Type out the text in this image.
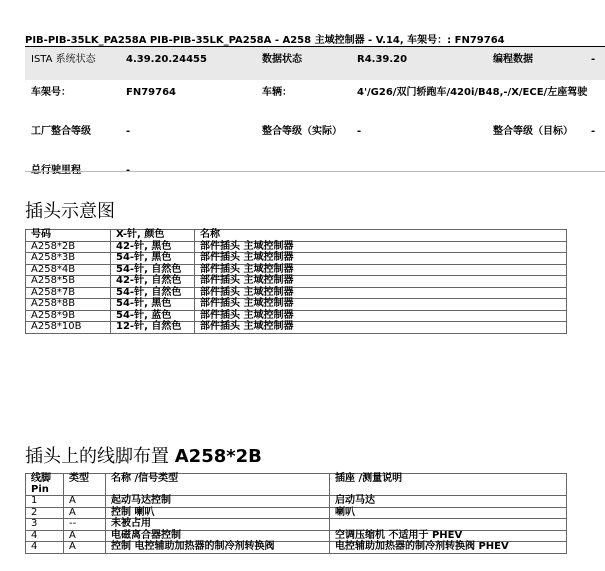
PIB-PIB-35LK_PA258A PIB-PIB-35LK_PA258A - A258 主域控制器 - V.14, 车架号：: FN79764
ISTA 系统状态	4.39.20.24455	数据状态	R4.39.20	编程数据	-
车架号：	FN79764	车辆：	4'/G26/双门轿跑车/420i/B48,-/X/ECE/左座驾驶		
工厂整合等级	-	整合等级（实际）	-	整合等级（目标）	-
总行驶里程	-				
插头示意图
号码	X-针, 颜色	名称
A258*2B	42-针, 黑色	部件插头 主域控制器
A258*3B	54-针, 黑色	部件插头 主域控制器
A258*4B	54-针, 自然色	部件插头 主域控制器
A258*5B	42-针, 自然色	部件插头 主域控制器
A258*7B	54-针, 自然色	部件插头 主域控制器
A258*8B	54-针, 黑色	部件插头 主域控制器
A258*9B	54-针, 蓝色	部件插头 主域控制器
A258*10B	12-针, 自然色	部件插头 主域控制器
插头上的线脚布置 A258*2B
线脚 Pin	类型	名称 /信号类型	插座 /测量说明
1	A	起动马达控制	启动马达
2	A	控制 喇叭	喇叭
3	--	未被占用	
4	A	电磁离合器控制	空调压缩机 不适用于 PHEV
4	A	控制 电控辅助加热器的制冷剂转换阀	电控辅助加热器的制冷剂转换阀 PHEV
